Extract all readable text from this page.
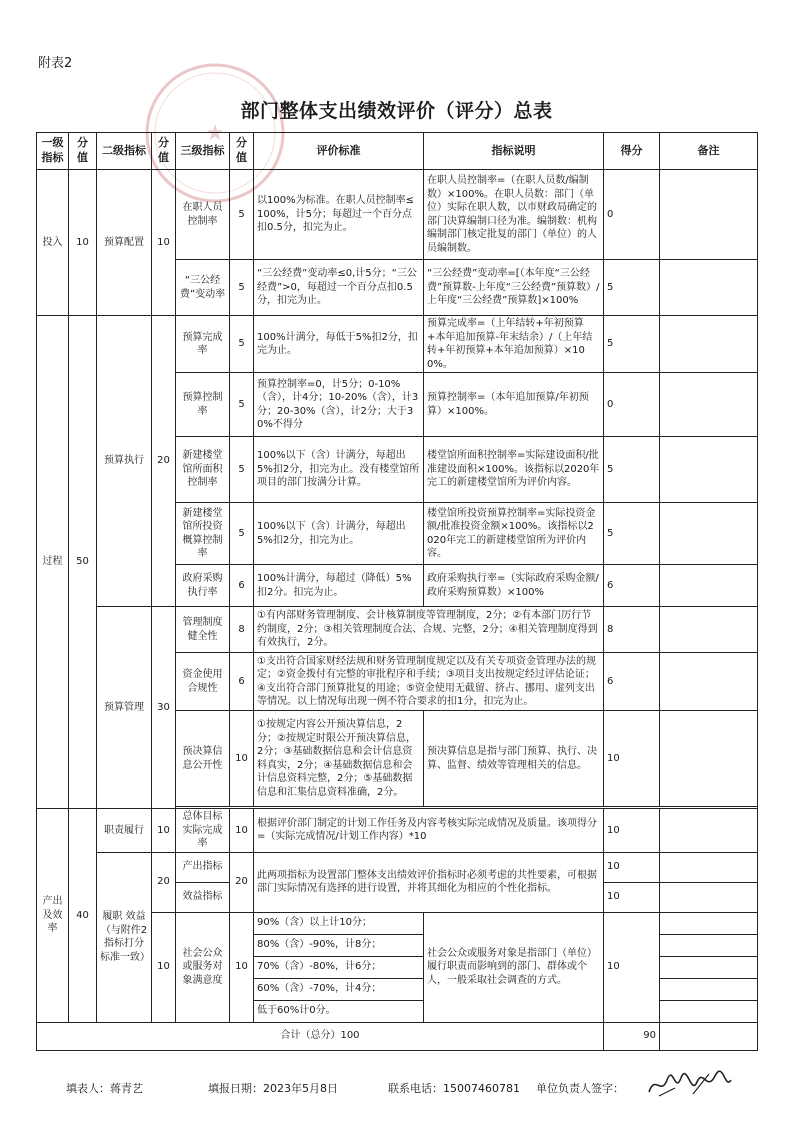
附表2
★
部门整体支出绩效评价（评分）总表
一级指标	分值	二级指标	分值	三级指标	分值	评价标准	指标说明	得分	备注
投入	10	预算配置	10	在职人员控制率	5	以100%为标准。在职人员控制率≤100%，计5分；每超过一个百分点扣0.5分，扣完为止。	在职人员控制率=（在职人员数/编制数）×100%。在职人员数：部门（单位）实际在职人数，以市财政局确定的部门决算编制口径为准。编制数：机构编制部门核定批复的部门（单位）的人员编制数。	0	
				“三公经费”变动率	5	“三公经费”变动率≤0,计5分；“三公经费”>0，每超过一个百分点扣0.5分，扣完为止。	“三公经费”变动率=[（本年度“三公经费”预算数-上年度“三公经费”预算数）/上年度“三公经费”预算数]×100%	5	
过程	50	预算执行	20	预算完成率	5	100%计满分，每低于5%扣2分，扣完为止。	预算完成率=（上年结转+年初预算+本年追加预算-年末结余）/（上年结转+年初预算+本年追加预算）×100%。	5	
				预算控制率	5	预算控制率=0，计5分；0-10%（含），计4分；10-20%（含），计3分；20-30%（含），计2分；大于30%不得分	预算控制率=（本年追加预算/年初预算）×100%。	0	
				新建楼堂馆所面积控制率	5	100%以下（含）计满分，每超出5%扣2分，扣完为止。没有楼堂馆所项目的部门按满分计算。	楼堂馆所面积控制率=实际建设面积/批准建设面积×100%。该指标以2020年完工的新建楼堂馆所为评价内容。	5	
				新建楼堂馆所投资概算控制率	5	100%以下（含）计满分，每超出5%扣2分，扣完为止。	楼堂馆所投资预算控制率=实际投资金额/批准投资金额×100%。该指标以2020年完工的新建楼堂馆所为评价内容。	5	
				政府采购执行率	6	100%计满分，每超过（降低）5%扣2分。扣完为止。	政府采购执行率=（实际政府采购金额/政府采购预算数）×100%	6	
		预算管理	30	管理制度健全性	8	①有内部财务管理制度、会计核算制度等管理制度，2分；②有本部门厉行节约制度，2分；③相关管理制度合法、合规、完整，2分；④相关管理制度得到有效执行，2分。		8	
				资金使用合规性	6	①支出符合国家财经法规和财务管理制度规定以及有关专项资金管理办法的规定；②资金拨付有完整的审批程序和手续；③项目支出按规定经过评估论证；④支出符合部门预算批复的用途；⑤资金使用无截留、挤占、挪用、虚列支出等情况。以上情况每出现一例不符合要求的扣1分，扣完为止。		6	
				预决算信息公开性	10	①按规定内容公开预决算信息，2分；②按规定时限公开预决算信息，2分；③基础数据信息和会计信息资料真实，2分；④基础数据信息和会计信息资料完整，2分；⑤基础数据信息和汇集信息资料准确，2分。	预决算信息是指与部门预算、执行、决算、监督、绩效等管理相关的信息。	10	

产出及效率	40	职责履行	10	总体目标实际完成率	10	根据评价部门制定的计划工作任务及内容考核实际完成情况及质量。该项得分=（实际完成情况/计划工作内容）*10		10	
		履职 效益（与附件2指标打分标准一致）	20	产出指标	20	此两项指标为设置部门整体支出绩效评价指标时必须考虑的共性要素，可根据部门实际情况有选择的进行设置，并将其细化为相应的个性化指标。		10	
				效益指标				10	
			10	社会公众或服务对象满意度	10	90%（含）以上计10分；	社会公众或服务对象是指部门（单位）履行职责而影响到的部门、群体或个人，一般采取社会调查的方式。	10	
						80%（含）-90%，计8分；			
						70%（含）-80%，计6分；			
						60%（含）-70%，计4分；			
						低于60%计0分。			
合计（总分）100								90	
填表人：蒋青艺	填报日期：2023年5月8日	联系电话：15007460781 单位负责人签字：
